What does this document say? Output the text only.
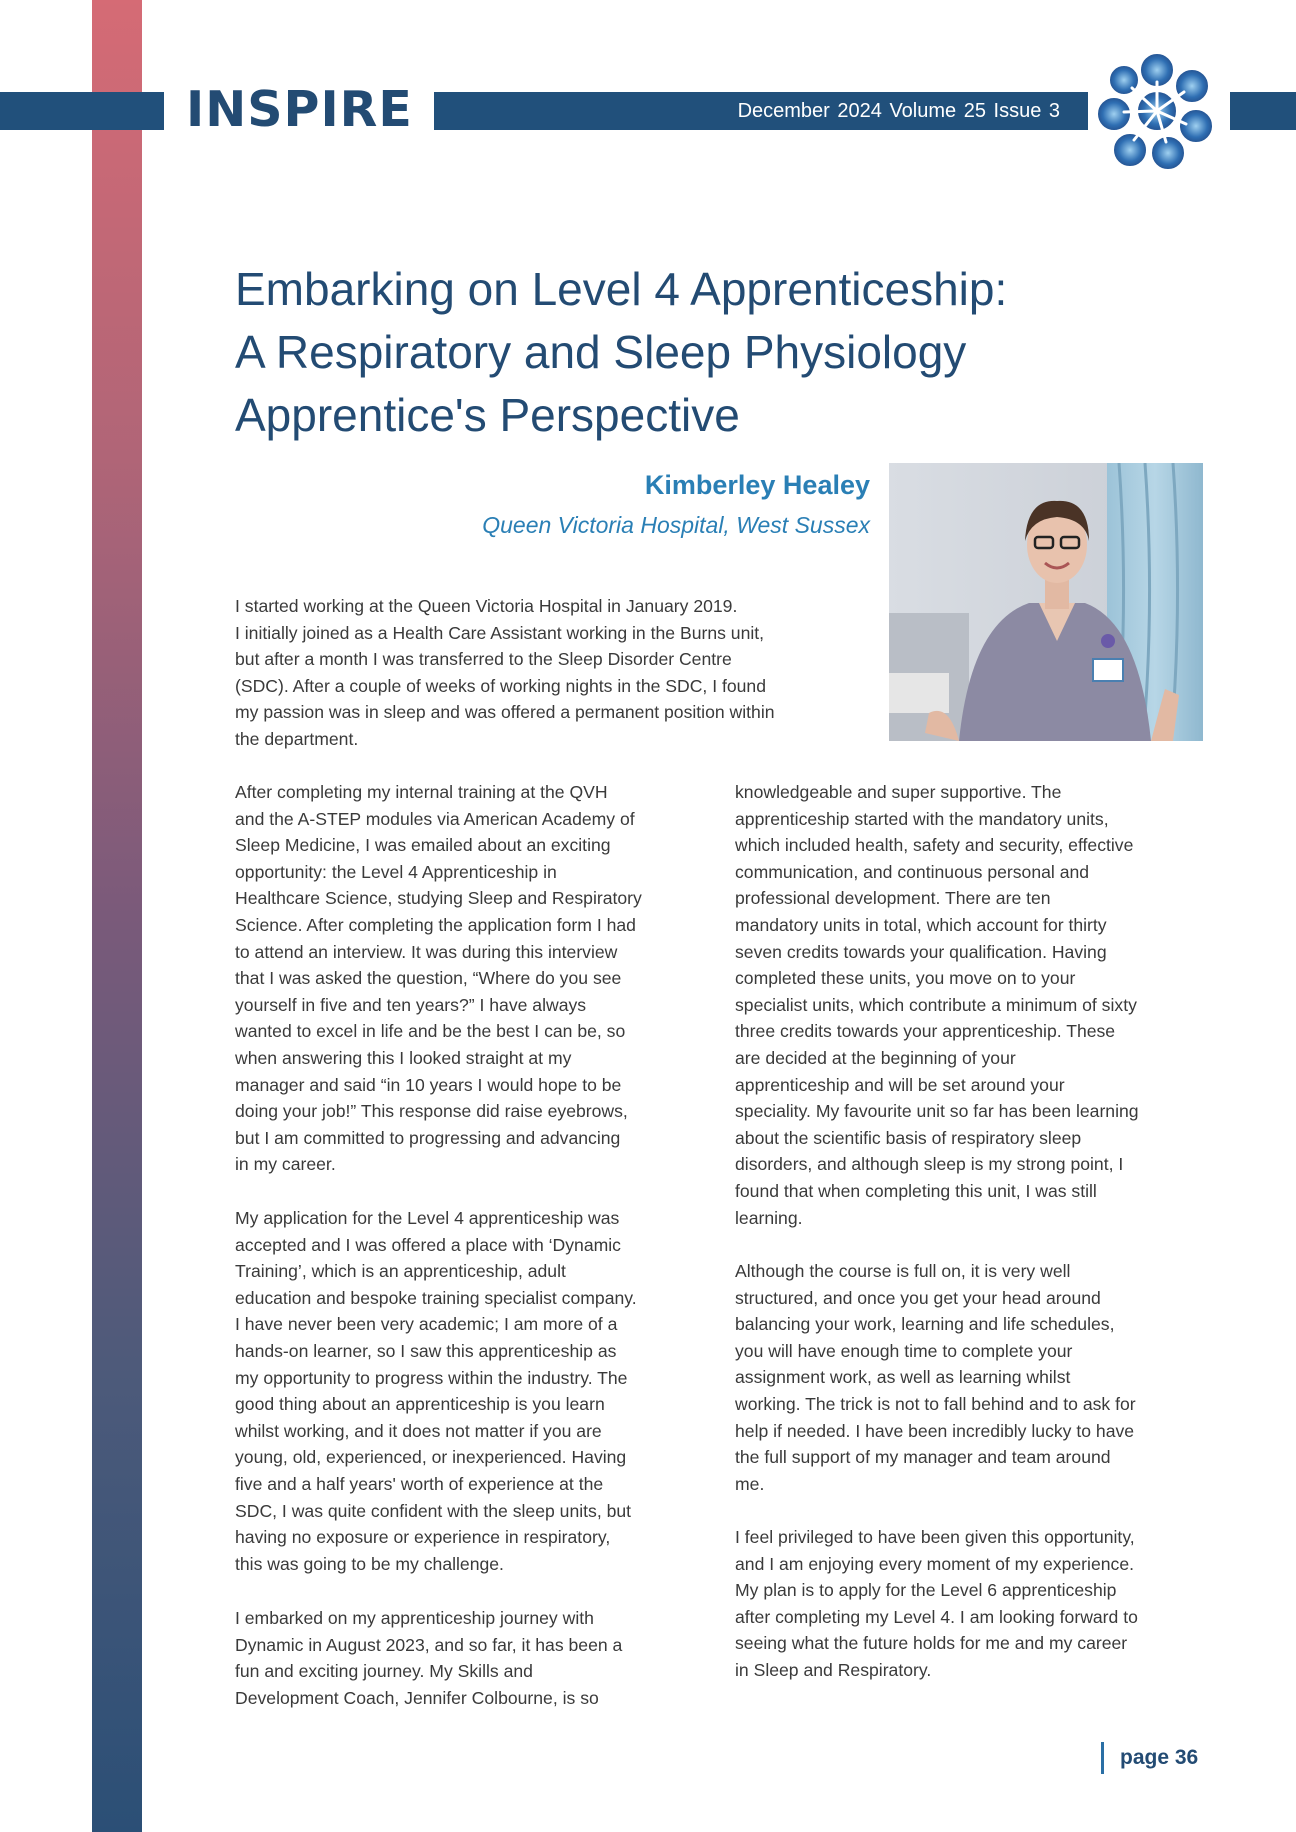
INSPIRE	December 2024 Volume 25 Issue 3
Embarking on Level 4 Apprenticeship:
A Respiratory and Sleep Physiology
Apprentice's Perspective
Kimberley Healey
Queen Victoria Hospital, West Sussex
I started working at the Queen Victoria Hospital in January 2019.
I initially joined as a Health Care Assistant working in the Burns unit,
but after a month I was transferred to the Sleep Disorder Centre
(SDC). After a couple of weeks of working nights in the SDC, I found
my passion was in sleep and was offered a permanent position within
the department.
After completing my internal training at the QVH
and the A-STEP modules via American Academy of
Sleep Medicine, I was emailed about an exciting
opportunity: the Level 4 Apprenticeship in
Healthcare Science, studying Sleep and Respiratory
Science. After completing the application form I had
to attend an interview. It was during this interview
that I was asked the question, “Where do you see
yourself in five and ten years?” I have always
wanted to excel in life and be the best I can be, so
when answering this I looked straight at my
manager and said “in 10 years I would hope to be
doing your job!” This response did raise eyebrows,
but I am committed to progressing and advancing
in my career.
My application for the Level 4 apprenticeship was
accepted and I was offered a place with ‘Dynamic
Training’, which is an apprenticeship, adult
education and bespoke training specialist company.
I have never been very academic; I am more of a
hands-on learner, so I saw this apprenticeship as
my opportunity to progress within the industry. The
good thing about an apprenticeship is you learn
whilst working, and it does not matter if you are
young, old, experienced, or inexperienced. Having
five and a half years' worth of experience at the
SDC, I was quite confident with the sleep units, but
having no exposure or experience in respiratory,
this was going to be my challenge.
I embarked on my apprenticeship journey with
Dynamic in August 2023, and so far, it has been a
fun and exciting journey. My Skills and
Development Coach, Jennifer Colbourne, is so
knowledgeable and super supportive. The
apprenticeship started with the mandatory units,
which included health, safety and security, effective
communication, and continuous personal and
professional development. There are ten
mandatory units in total, which account for thirty
seven credits towards your qualification. Having
completed these units, you move on to your
specialist units, which contribute a minimum of sixty
three credits towards your apprenticeship. These
are decided at the beginning of your
apprenticeship and will be set around your
speciality. My favourite unit so far has been learning
about the scientific basis of respiratory sleep
disorders, and although sleep is my strong point, I
found that when completing this unit, I was still
learning.
Although the course is full on, it is very well
structured, and once you get your head around
balancing your work, learning and life schedules,
you will have enough time to complete your
assignment work, as well as learning whilst
working. The trick is not to fall behind and to ask for
help if needed. I have been incredibly lucky to have
the full support of my manager and team around
me.
I feel privileged to have been given this opportunity,
and I am enjoying every moment of my experience.
My plan is to apply for the Level 6 apprenticeship
after completing my Level 4. I am looking forward to
seeing what the future holds for me and my career
in Sleep and Respiratory.
page 36
